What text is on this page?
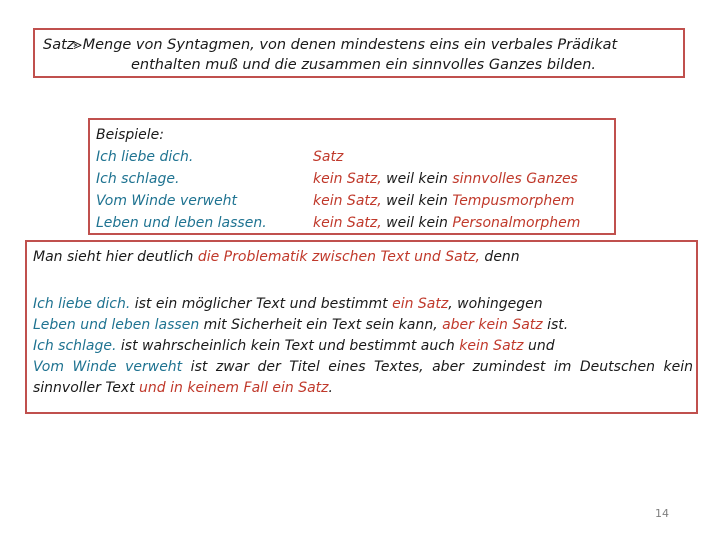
Satz⪢Menge von Syntagmen, von denen mindestens eins ein verbales Prädikat
enthalten muß und die zusammen ein sinnvolles Ganzes bilden.
Beispiele:
Ich liebe dich.
Ich schlage.
Vom Winde verweht
Leben und leben lassen.
Satz
kein Satz, weil kein sinnvolles Ganzes
kein Satz, weil kein Tempusmorphem
kein Satz, weil kein Personalmorphem
Man sieht hier deutlich die Problematik zwischen Text und Satz, denn
Ich liebe dich. ist ein möglicher Text und bestimmt ein Satz, wohingegen
Leben und leben lassen mit Sicherheit ein Text sein kann, aber kein Satz ist.
Ich schlage. ist wahrscheinlich kein Text und bestimmt auch kein Satz und
Vom Winde verweht ist zwar der Titel eines Textes, aber zumindest im Deutschen kein
sinnvoller Text und in keinem Fall ein Satz.
14
